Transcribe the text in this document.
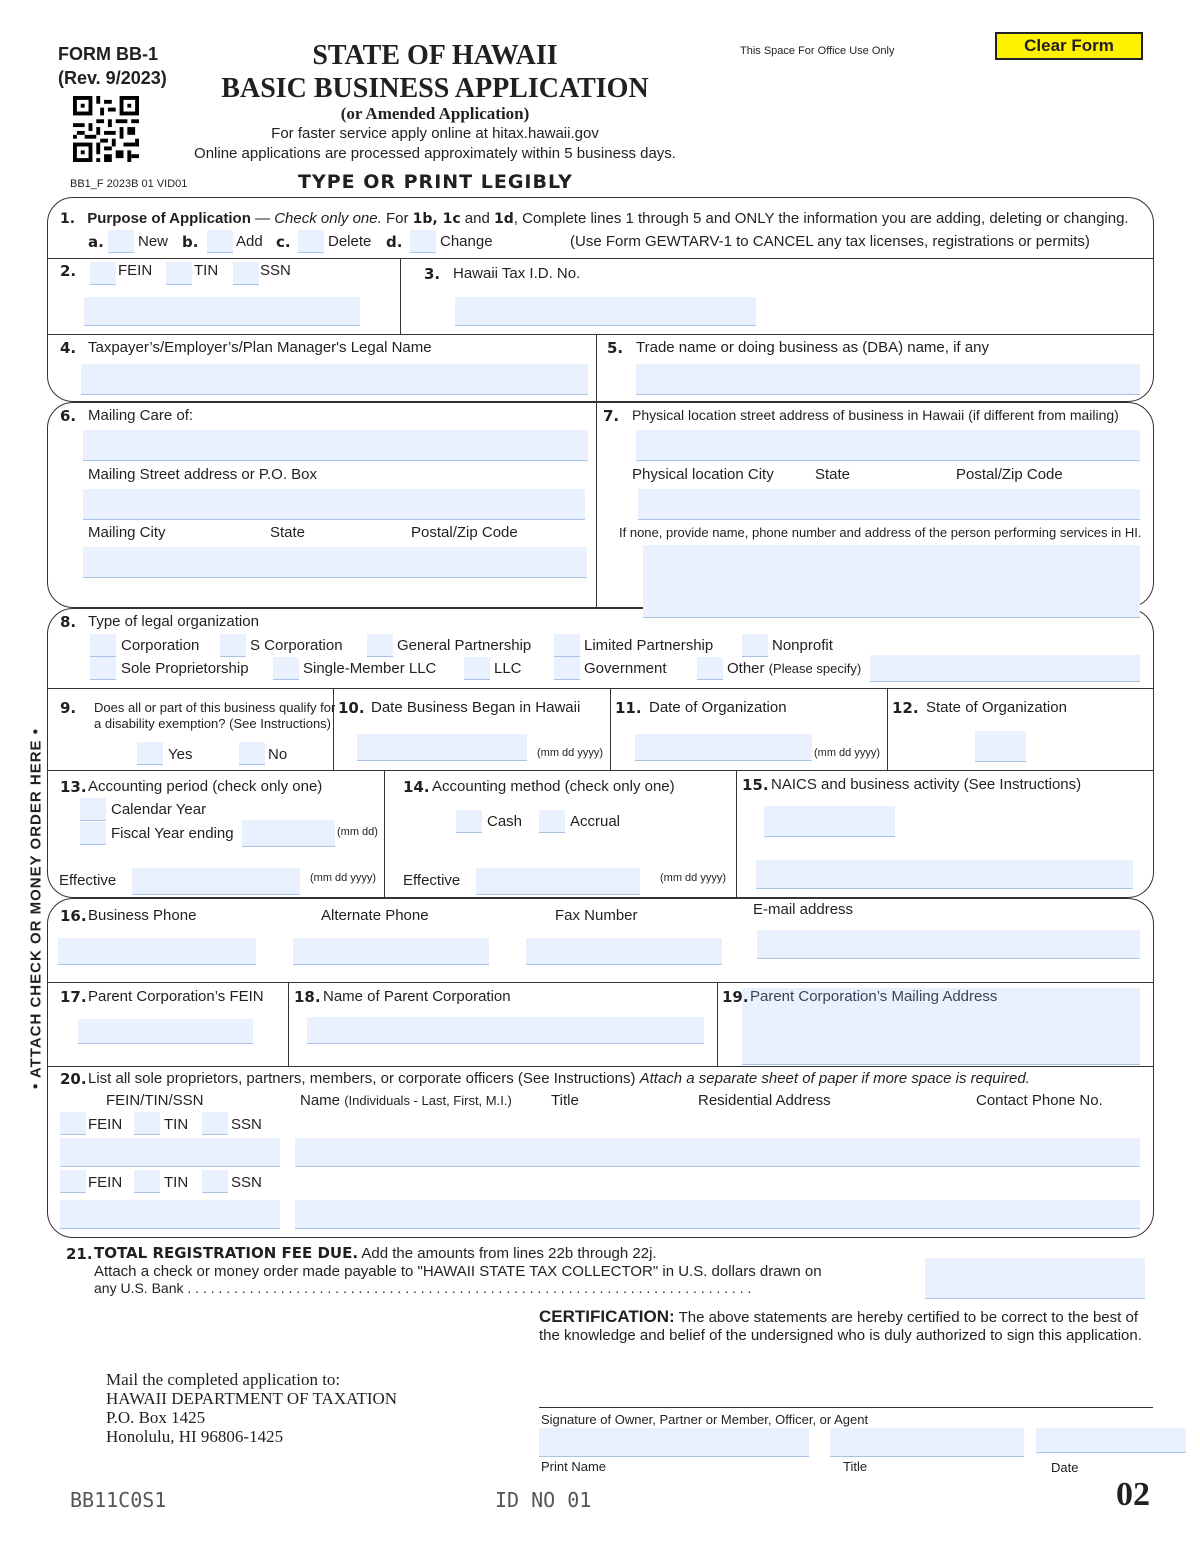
FORM BB-1
(Rev. 9/2023)
STATE OF HAWAII
BASIC BUSINESS APPLICATION
(or Amended Application)
For faster service apply online at hitax.hawaii.gov
Online applications are processed approximately within 5 business days.
This Space For Office Use Only	Clear Form
BB1_F 2023B 01 VID01	TYPE OR PRINT LEGIBLY
• ATTACH CHECK OR MONEY ORDER HERE •
1. Purpose of Application — Check only one. For 1b, 1c and 1d, Complete lines 1 through 5 and ONLY the information you are adding, deleting or changing.
a. New b.	Add c. Delete d.	Change	(Use Form GEWTARV-1 to CANCEL any tax licenses, registrations or permits)
2.	FEIN	TIN	SSN	3. Hawaii Tax I.D. No.
4. Taxpayer’s/Employer’s/Plan Manager's Legal Name	5. Trade name or doing business as (DBA) name, if any
6. Mailing Care of:
Mailing Street address or P.O. Box
Mailing City	State	Postal/Zip Code
7. Physical location street address of business in Hawaii (if different from mailing)
Physical location City	State	Postal/Zip Code
If none, provide name, phone number and address of the person performing services in HI.
8. Type of legal organization
Corporation	S Corporation	General Partnership	Limited Partnership	Nonprofit
Sole Proprietorship	Single-Member LLC	LLC	Government	Other (Please specify)
9. Does all or part of this business qualify for
a disability exemption? (See Instructions)
Yes	No
10. Date Business Began in Hawaii
(mm dd yyyy)
11. Date of Organization
(mm dd yyyy)
12. State of Organization
13. Accounting period (check only one)
Calendar Year
Fiscal Year ending	(mm dd)
Effective	(mm dd yyyy)
14. Accounting method (check only one)
Cash	Accrual
Effective	(mm dd yyyy)
15. NAICS and business activity (See Instructions)
16. Business Phone	Alternate Phone	Fax Number	E-mail address
17. Parent Corporation’s FEIN 18. Name of Parent Corporation	19. Parent Corporation’s Mailing Address
20. List all sole proprietors, partners, members, or corporate officers (See Instructions) Attach a separate sheet of paper if more space is required.
FEIN/TIN/SSN	Name (Individuals - Last, First, M.I.)	Title	Residential Address	Contact Phone No.
FEIN	TIN	SSN
FEIN	TIN	SSN
21. TOTAL REGISTRATION FEE DUE. Add the amounts from lines 22b through 22j.
Attach a check or money order made payable to "HAWAII STATE TAX COLLECTOR" in U.S. dollars drawn on
any U.S. Bank . . . . . . . . . . . . . . . . . . . . . . . . . . . . . . . . . . . . . . . . . . . . . . . . . . . . . . . . . . . . . . . . . . . . . . . . .
CERTIFICATION: The above statements are hereby certified to be correct to the best of the knowledge and belief of the undersigned who is duly authorized to sign this application.
Signature of Owner, Partner or Member, Officer, or Agent
Print Name	Title	Date
Mail the completed application to:
HAWAII DEPARTMENT OF TAXATION
P.O. Box 1425
Honolulu, HI 96806-1425
BB11C0S1	ID NO 01	02
